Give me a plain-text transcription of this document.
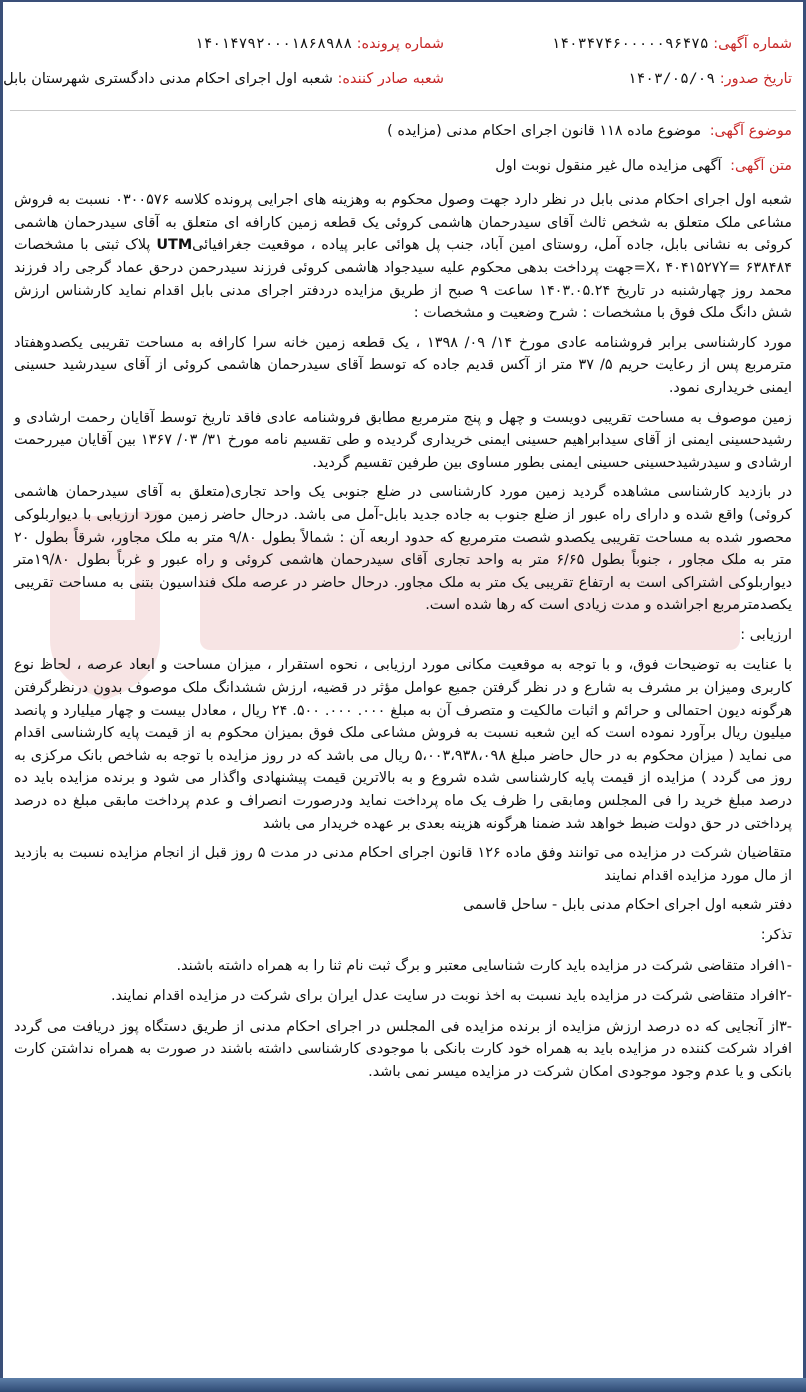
شماره آگهی: ۱۴۰۳۴۷۴۶۰۰۰۰۰۹۶۴۷۵
شماره پرونده: ۱۴۰۱۴۷۹۲۰۰۰۱۸۶۸۹۸۸
تاریخ صدور: ۱۴۰۳/۰۵/۰۹
شعبه صادر کننده: شعبه اول اجرای احکام مدنی دادگستری شهرستان بابل
موضوع آگهی: موضوع ماده ۱۱۸ قانون اجرای احکام مدنی (مزایده )
متن آگهی: آگهی مزایده مال غیر منقول نوبت اول

شعبه اول اجرای احکام مدنی بابل در نظر دارد جهت وصول محکوم به وهزینه های اجرایی پرونده کلاسه ۰۳۰۰۵۷۶ نسبت به فروش مشاعی ملک متعلق به شخص ثالث آقای سیدرحمان هاشمی کروئی یک قطعه زمین کارافه ای متعلق به آقای سیدرحمان هاشمی کروئی به نشانی بابل، جاده آمل، روستای امین آباد، جنب پل هوائی عابر پیاده ، موقعیت جغرافیائیUTM پلاک ثبتی با مشخصات ۶۳۸۴۸۴ =X، ۴۰۴۱۵۲۷Y=جهت پرداخت بدهی محکوم علیه سیدجواد هاشمی کروئی فرزند سیدرحمن درحق عماد گرجی راد فرزند محمد روز چهارشنبه در تاریخ ۱۴۰۳.۰۵.۲۴ ساعت ۹ صبح از طریق مزایده دردفتر اجرای مدنی بابل اقدام نماید کارشناس ارزش شش دانگ ملک فوق با مشخصات : شرح وضعیت و مشخصات :

مورد کارشناسی برابر فروشنامه عادی مورخ ۱۴/ ۰۹/ ۱۳۹۸ ، یک قطعه زمین خانه سرا کارافه به مساحت تقریبی یکصدوهفتاد مترمربع پس از رعایت حریم ۵/ ۳۷ متر از آکس قدیم جاده که توسط آقای سیدرحمان هاشمی کروئی از آقای سیدرشید حسینی ایمنی خریداری نمود.

زمین موصوف به مساحت تقریبی دویست و چهل و پنج مترمربع مطابق فروشنامه عادی فاقد تاریخ توسط آقایان رحمت ارشادی و رشیدحسینی ایمنی از آقای سیدابراهیم حسینی ایمنی خریداری گردیده و طی تقسیم نامه مورخ ۳۱/ ۰۳/ ۱۳۶۷ بین آقایان میررحمت ارشادی و سیدرشیدحسینی حسینی ایمنی بطور مساوی بین طرفین تقسیم گردید.

در بازدید کارشناسی مشاهده گردید زمین مورد کارشناسی در ضلع جنوبی یک واحد تجاری(متعلق به آقای سیدرحمان هاشمی کروئی) واقع شده و دارای راه عبور از ضلع جنوب به جاده جدید بابل-آمل می باشد. درحال حاضر زمین مورد ارزیابی با دیواربلوکی محصور شده به مساحت تقریبی یکصدو شصت مترمربع که حدود اربعه آن : شمالاً بطول ۹/۸۰ متر به ملک مجاور، شرقاً بطول ۲۰ متر به ملک مجاور ، جنوباً بطول ۶/۶۵ متر به واحد تجاری آقای سیدرحمان هاشمی کروئی و راه عبور و غرباً بطول ۱۹/۸۰متر دیواربلوکی اشتراکی است به ارتفاع تقریبی یک متر به ملک مجاور. درحال حاضر در عرصه ملک فنداسیون بتنی به مساحت تقریبی یکصدمترمربع اجراشده و مدت زیادی است که رها شده است.

ارزیابی :

با عنایت به توضیحات فوق، و با توجه به موقعیت مکانی مورد ارزیابی ، نحوه استقرار ، میزان مساحت و ابعاد عرصه ، لحاظ نوع کاربری ومیزان بر مشرف به شارع و در نظر گرفتن جمیع عوامل مؤثر در قضیه، ارزش ششدانگ ملک موصوف بدون درنظرگرفتن هرگونه دیون احتمالی و حرائم و اثبات مالکیت و متصرف آن به مبلغ ۰۰۰. ۰۰۰. ۵۰۰. ۲۴ ریال ، معادل بیست و چهار میلیارد و پانصد میلیون ریال برآورد نموده است که این شعبه نسبت به فروش مشاعی ملک فوق بمیزان محکوم به از قیمت پایه کارشناسی اقدام می نماید ( میزان محکوم به در حال حاضر مبلغ ۵،۰۰۳،۹۳۸،۰۹۸ ریال می باشد که در روز مزایده با توجه به شاخص بانک مرکزی به روز می گردد ) مزایده از قیمت پایه کارشناسی شده شروع و به بالاترین قیمت پیشنهادی واگذار می شود و برنده مزایده باید ده درصد مبلغ خرید را فی المجلس ومابقی را ظرف یک ماه پرداخت نماید ودرصورت انصراف و عدم پرداخت مابقی مبلغ ده درصد پرداختی در حق دولت ضبط خواهد شد ضمنا هرگونه هزینه بعدی بر عهده خریدار می باشد

متقاضیان شرکت در مزایده می توانند وفق ماده ۱۲۶ قانون اجرای احکام مدنی در مدت ۵ روز قبل از انجام مزایده نسبت به بازدید از مال مورد مزایده اقدام نمایند

دفتر شعبه اول اجرای احکام مدنی بابل - ساحل قاسمی

تذکر:

-۱افراد متقاضی شرکت در مزایده باید کارت شناسایی معتبر و برگ ثبت نام ثنا را به همراه داشته باشند.

-۲افراد متقاضی شرکت در مزایده باید نسبت به اخذ نوبت در سایت عدل ایران برای شرکت در مزایده اقدام نمایند.

-۳از آنجایی که ده درصد ارزش مزایده از برنده مزایده فی المجلس در اجرای احکام مدنی از طریق دستگاه پوز دریافت می گردد افراد شرکت کننده در مزایده باید به همراه خود کارت بانکی با موجودی کارشناسی داشته باشند در صورت به همراه نداشتن کارت بانکی و یا عدم وجود موجودی امکان شرکت در مزایده میسر نمی باشد.
